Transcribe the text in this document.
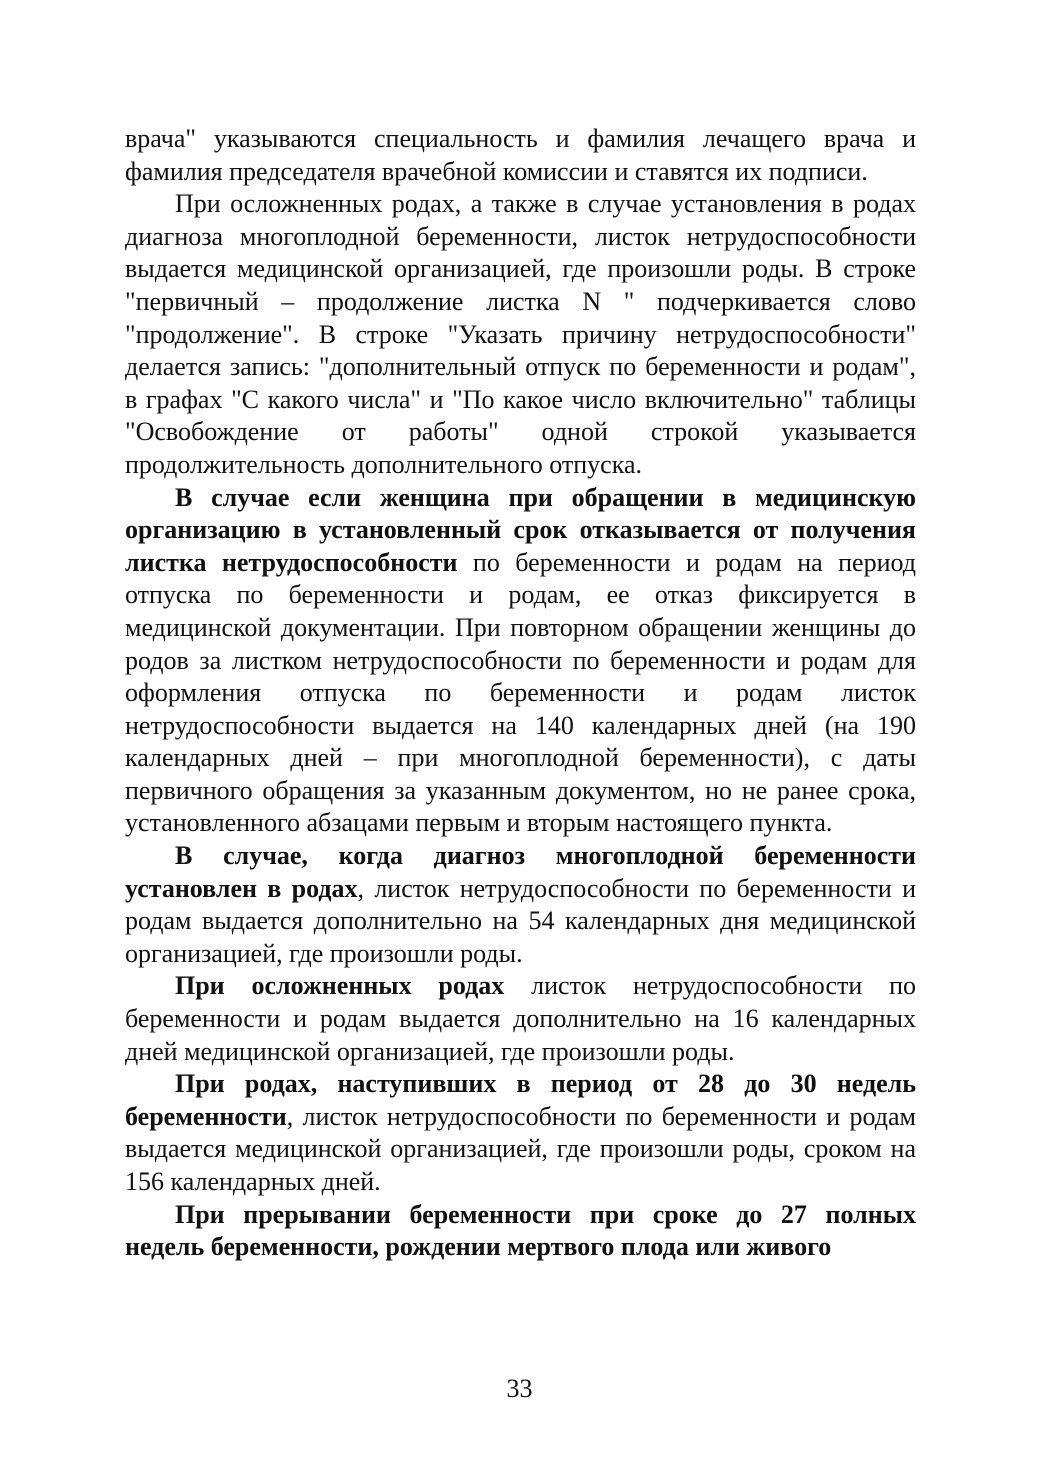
врача" указываются специальность и фамилия лечащего врача и фамилия председателя врачебной комиссии и ставятся их подписи.

При осложненных родах, а также в случае установления в родах диагноза многоплодной беременности, листок нетрудоспособности выдается медицинской организацией, где произошли роды. В строке "первичный – продолжение листка N " подчеркивается слово "продолжение". В строке "Указать причину нетрудоспособности" делается запись: "дополнительный отпуск по беременности и родам", в графах "С какого числа" и "По какое число включительно" таблицы "Освобождение от работы" одной строкой указывается продолжительность дополнительного отпуска.

В случае если женщина при обращении в медицинскую организацию в установленный срок отказывается от получения листка нетрудоспособности по беременности и родам на период отпуска по беременности и родам, ее отказ фиксируется в медицинской документации. При повторном обращении женщины до родов за листком нетрудоспособности по беременности и родам для оформления отпуска по беременности и родам листок нетрудоспособности выдается на 140 календарных дней (на 190 календарных дней – при многоплодной беременности), с даты первичного обращения за указанным документом, но не ранее срока, установленного абзацами первым и вторым настоящего пункта.

В случае, когда диагноз многоплодной беременности установлен в родах, листок нетрудоспособности по беременности и родам выдается дополнительно на 54 календарных дня медицинской организацией, где произошли роды.

При осложненных родах листок нетрудоспособности по беременности и родам выдается дополнительно на 16 календарных дней медицинской организацией, где произошли роды.

При родах, наступивших в период от 28 до 30 недель беременности, листок нетрудоспособности по беременности и родам выдается медицинской организацией, где произошли роды, сроком на 156 календарных дней.

При прерывании беременности при сроке до 27 полных недель беременности, рождении мертвого плода или живого

33
